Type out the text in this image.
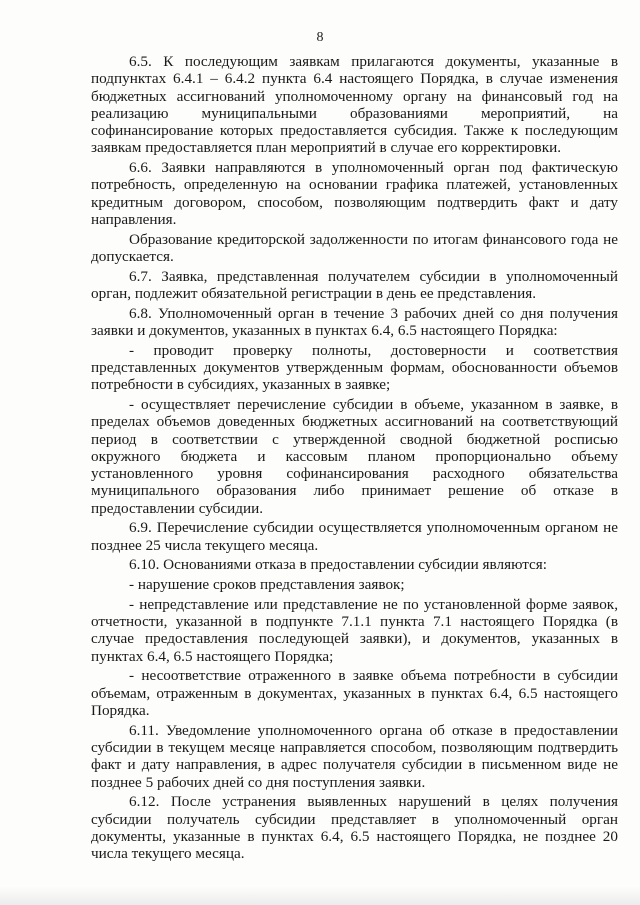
8

6.5. К последующим заявкам прилагаются документы, указанные в подпунктах 6.4.1 – 6.4.2 пункта 6.4 настоящего Порядка, в случае изменения бюджетных ассигнований уполномоченному органу на финансовый год на реализацию муниципальными образованиями мероприятий, на софинансирование которых предоставляется субсидия. Также к последующим заявкам предоставляется план мероприятий в случае его корректировки.

6.6. Заявки направляются в уполномоченный орган под фактическую потребность, определенную на основании графика платежей, установленных кредитным договором, способом, позволяющим подтвердить факт и дату направления.

Образование кредиторской задолженности по итогам финансового года не допускается.

6.7. Заявка, представленная получателем субсидии в уполномоченный орган, подлежит обязательной регистрации в день ее представления.

6.8. Уполномоченный орган в течение 3 рабочих дней со дня получения заявки и документов, указанных в пунктах 6.4, 6.5 настоящего Порядка:

- проводит проверку полноты, достоверности и соответствия представленных документов утвержденным формам, обоснованности объемов потребности в субсидиях, указанных в заявке;

- осуществляет перечисление субсидии в объеме, указанном в заявке, в пределах объемов доведенных бюджетных ассигнований на соответствующий период в соответствии с утвержденной сводной бюджетной росписью окружного бюджета и кассовым планом пропорционально объему установленного уровня софинансирования расходного обязательства муниципального образования либо принимает решение об отказе в предоставлении субсидии.

6.9. Перечисление субсидии осуществляется уполномоченным органом не позднее 25 числа текущего месяца.

6.10. Основаниями отказа в предоставлении субсидии являются:

- нарушение сроков представления заявок;

- непредставление или представление не по установленной форме заявок, отчетности, указанной в подпункте 7.1.1 пункта 7.1 настоящего Порядка (в случае предоставления последующей заявки), и документов, указанных в пунктах 6.4, 6.5 настоящего Порядка;

- несоответствие отраженного в заявке объема потребности в субсидии объемам, отраженным в документах, указанных в пунктах 6.4, 6.5 настоящего Порядка.

6.11. Уведомление уполномоченного органа об отказе в предоставлении субсидии в текущем месяце направляется способом, позволяющим подтвердить факт и дату направления, в адрес получателя субсидии в письменном виде не позднее 5 рабочих дней со дня поступления заявки.

6.12. После устранения выявленных нарушений в целях получения субсидии получатель субсидии представляет в уполномоченный орган документы, указанные в пунктах 6.4, 6.5 настоящего Порядка, не позднее 20 числа текущего месяца.
